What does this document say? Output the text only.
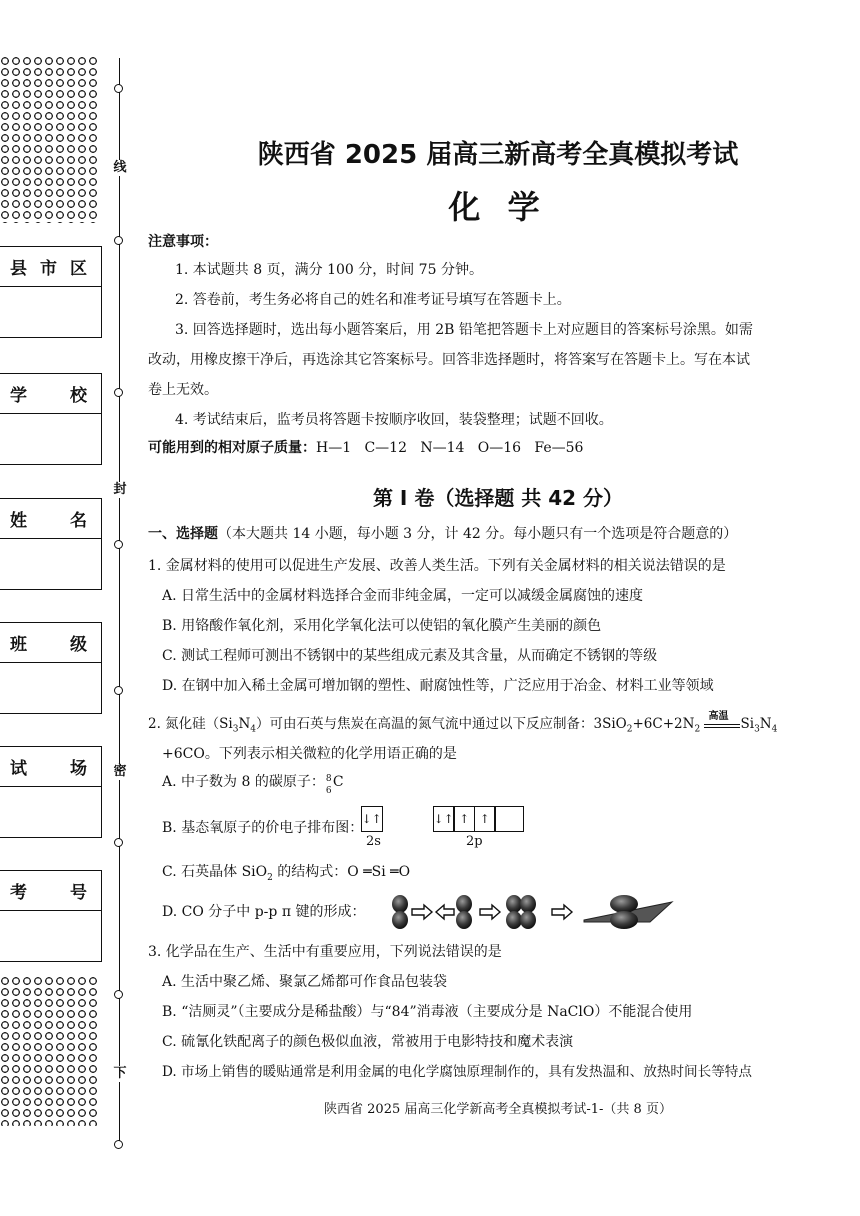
县 市 区
学	校
姓	名
班	级
试	场
考	号
线
封
密
下
陕西省 2025 届高三新高考全真模拟考试
化 学
注意事项：
1. 本试题共 8 页，满分 100 分，时间 75 分钟。
2. 答卷前，考生务必将自己的姓名和准考证号填写在答题卡上。
3. 回答选择题时，选出每小题答案后，用 2B 铅笔把答题卡上对应题目的答案标号涂黑。如需
改动，用橡皮擦干净后，再选涂其它答案标号。回答非选择题时，将答案写在答题卡上。写在本试
卷上无效。
4. 考试结束后，监考员将答题卡按顺序收回，装袋整理；试题不回收。
可能用到的相对原子质量：H—1   C—12   N—14   O—16   Fe—56
第 Ⅰ 卷（选择题 共 42 分）
一、选择题（本大题共 14 小题，每小题 3 分，计 42 分。每小题只有一个选项是符合题意的）
1. 金属材料的使用可以促进生产发展、改善人类生活。下列有关金属材料的相关说法错误的是
A. 日常生活中的金属材料选择合金而非纯金属，一定可以减缓金属腐蚀的速度
B. 用铬酸作氧化剂，采用化学氧化法可以使铝的氧化膜产生美丽的颜色
C. 测试工程师可测出不锈钢中的某些组成元素及其含量，从而确定不锈钢的等级
D. 在钢中加入稀土金属可增加钢的塑性、耐腐蚀性等，广泛应用于冶金、材料工业等领域
2. 氮化硅$(Si_3N_4)$可由石英与焦炭在高温的氮气流中通过以下反应制备：$3SiO_2+6C+2N_2$
高温 $Si_3N_4$
+6CO。下列表示相关微粒的化学用语正确的是
A. 中子数为 8 的碳原子： 8
6
C
B. 基态氧原子的价电子排布图：
↓↑	↓↑ ↑ ↑
2s	2p
C. 石英晶体 SiO$_2$ 的结构式：O ═Si ═O
D. CO 分子中 p-p π 键的形成：
3. 化学品在生产、生活中有重要应用，下列说法错误的是
A. 生活中聚乙烯、聚氯乙烯都可作食品包装袋
B. “洁厕灵”（主要成分是稀盐酸）与“84”消毒液（主要成分是 NaClO）不能混合使用
C. 硫氰化铁配离子的颜色极似血液，常被用于电影特技和魔术表演
D. 市场上销售的暖贴通常是利用金属的电化学腐蚀原理制作的，具有发热温和、放热时间长等特点
陕西省 2025 届高三化学新高考全真模拟考试-1-（共 8 页）
